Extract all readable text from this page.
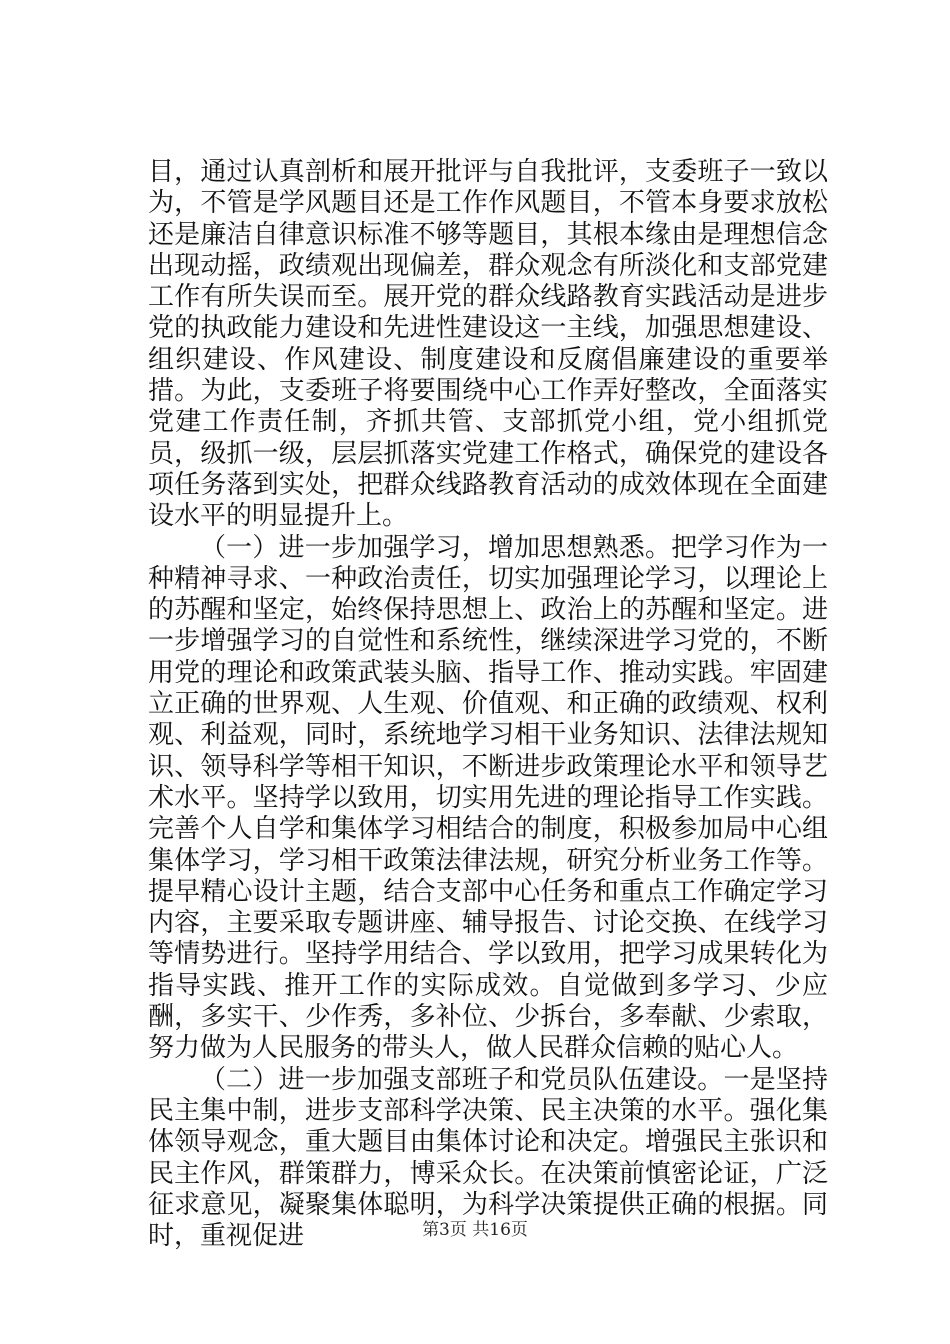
目，通过认真剖析和展开批评与自我批评，支委班子一致以为，不管是学风题目还是工作作风题目，不管本身要求放松还是廉洁自律意识标准不够等题目，其根本缘由是理想信念出现动摇，政绩观出现偏差，群众观念有所淡化和支部党建工作有所失误而至。展开党的群众线路教育实践活动是进步党的执政能力建设和先进性建设这一主线，加强思想建设、组织建设、作风建设、制度建设和反腐倡廉建设的重要举措。为此，支委班子将要围绕中心工作弄好整改，全面落实党建工作责任制，齐抓共管、支部抓党小组，党小组抓党员，级抓一级，层层抓落实党建工作格式，确保党的建设各项任务落到实处，把群众线路教育活动的成效体现在全面建设水平的明显提升上。

（一）进一步加强学习，增加思想熟悉。把学习作为一种精神寻求、一种政治责任，切实加强理论学习，以理论上的苏醒和坚定，始终保持思想上、政治上的苏醒和坚定。进一步增强学习的自觉性和系统性，继续深进学习党的，不断用党的理论和政策武装头脑、指导工作、推动实践。牢固建立正确的世界观、人生观、价值观、和正确的政绩观、权利观、利益观，同时，系统地学习相干业务知识、法律法规知识、领导科学等相干知识，不断进步政策理论水平和领导艺术水平。坚持学以致用，切实用先进的理论指导工作实践。完善个人自学和集体学习相结合的制度，积极参加局中心组集体学习，学习相干政策法律法规，研究分析业务工作等。提早精心设计主题，结合支部中心任务和重点工作确定学习内容，主要采取专题讲座、辅导报告、讨论交换、在线学习等情势进行。坚持学用结合、学以致用，把学习成果转化为指导实践、推开工作的实际成效。自觉做到多学习、少应酬，多实干、少作秀，多补位、少拆台，多奉献、少索取，努力做为人民服务的带头人，做人民群众信赖的贴心人。

（二）进一步加强支部班子和党员队伍建设。一是坚持民主集中制，进步支部科学决策、民主决策的水平。强化集体领导观念，重大题目由集体讨论和决定。增强民主张识和民主作风，群策群力，博采众长。在决策前慎密论证，广泛征求意见，凝聚集体聪明，为科学决策提供正确的根据。同时，重视促进	第3页 共16页
